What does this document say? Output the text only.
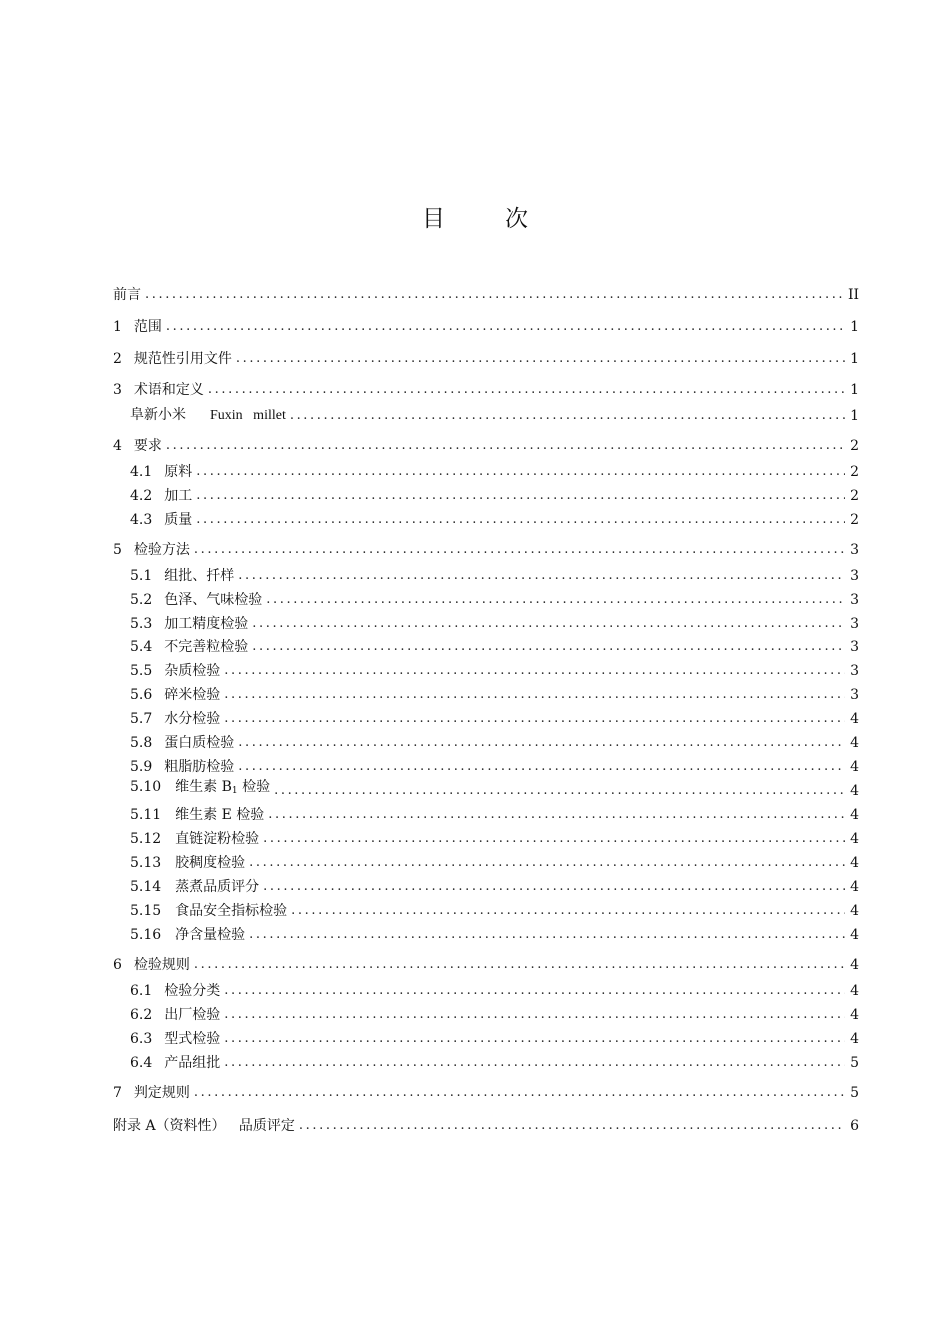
目	次
前言 .....	II
1 范围 .....	1
2 规范性引用文件 .....	1
3 术语和定义 .....	1
阜新小米 Fuxin   millet .....	1
4 要求 .....	2
4.1 原料 .....	2
4.2 加工 .....	2
4.3 质量 .....	2
5 检验方法 .....	3
5.1 组批、扦样 .....	3
5.2 色泽、气味检验 .....	3
5.3 加工精度检验 .....	3
5.4 不完善粒检验 .....	3
5.5 杂质检验 .....	3
5.6 碎米检验 .....	3
5.7 水分检验 .....	4
5.8 蛋白质检验 .....	4
5.9 粗脂肪检验 .....	4
5.10 维生素 $B_1$ 检验 .....	4
5.11 维生素 E 检验 .....	4
5.12 直链淀粉检验 .....	4
5.13 胶稠度检验 .....	4
5.14 蒸煮品质评分 .....	4
5.15 食品安全指标检验 .....	4
5.16 净含量检验 .....	4
6 检验规则 .....	4
6.1 检验分类 .....	4
6.2 出厂检验 .....	4
6.3 型式检验 .....	4
6.4 产品组批 .....	5
7 判定规则 .....	5
附录 A（资料性）   品质评定 .....	6
